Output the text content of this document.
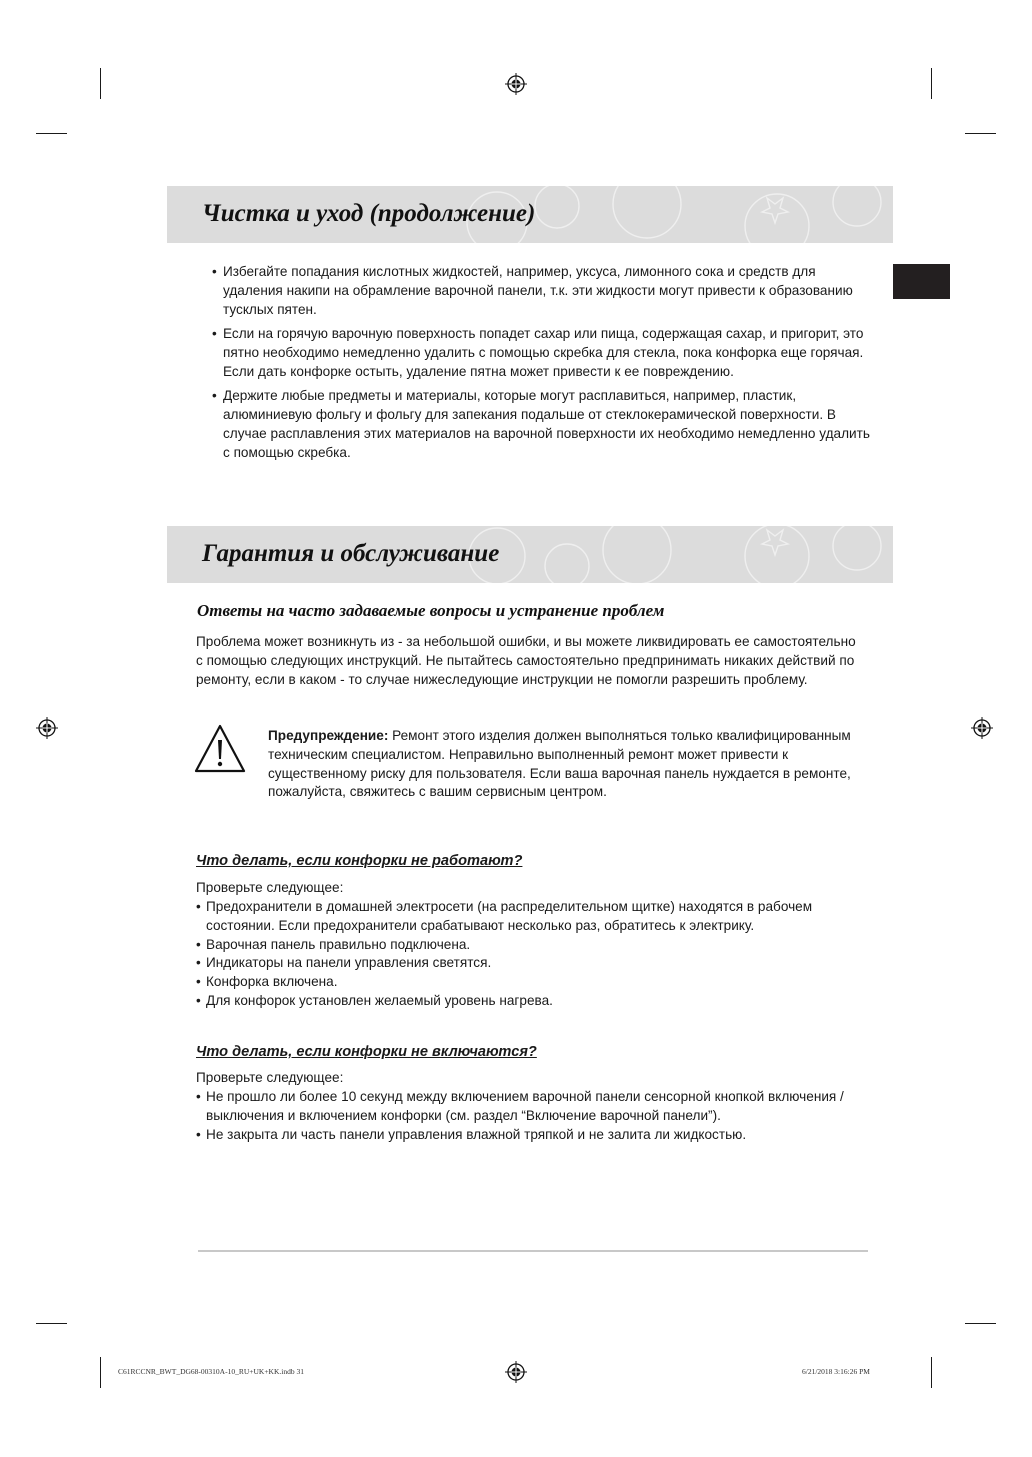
Чистка и уход (продолжение)
• Избегайте попадания кислотных жидкостей, например, уксуса, лимонного сока и средств для удаления накипи на обрамление варочной панели, т.к. эти жидкости могут привести к образованию тусклых пятен.
• Если на горячую варочную поверхность попадет сахар или пища, содержащая сахар, и пригорит, это пятно необходимо немедленно удалить с помощью скребка для стекла, пока конфорка еще горячая. Если дать конфорке остыть, удаление пятна может привести к ее повреждению.
• Держите любые предметы и материалы, которые могут расплавиться, например, пластик, алюминиевую фольгу и фольгу для запекания подальше от стеклокерамической поверхности. В случае расплавления этих материалов на варочной поверхности их необходимо немедленно удалить с помощью скребка.
Гарантия и обслуживание
Ответы на часто задаваемые вопросы и устранение проблем

Проблема может возникнуть из - за небольшой ошибки, и вы можете ликвидировать ее самостоятельно с помощью следующих инструкций. Не пытайтесь самостоятельно предпринимать никаких действий по ремонту, если в каком - то случае нижеследующие инструкции не помогли разрешить проблему.

Предупреждение: Ремонт этого изделия должен выполняться только квалифицированным техническим специалистом. Неправильно выполненный ремонт может привести к существенному риску для пользователя. Если ваша варочная панель нуждается в ремонте, пожалуйста, свяжитесь с вашим сервисным центром.

Что делать, если конфорки не работают?

Проверьте следующее:

• Предохранители в домашней электросети (на распределительном щитке) находятся в рабочем состоянии. Если предохранители срабатывают несколько раз, обратитесь к электрику.
• Варочная панель правильно подключена.
• Индикаторы на панели управления светятся.
• Конфорка включена.
• Для конфорок установлен желаемый уровень нагрева.
Что делать, если конфорки не включаются?

Проверьте следующее:

• Не прошло ли более 10 секунд между включением варочной панели сенсорной кнопкой включения / выключения и включением конфорки (см. раздел “Включение варочной панели”).
• Не закрыта ли часть панели управления влажной тряпкой и не залита ли жидкостью.
C61RCCNR_BWT_DG68-00310A-10_RU+UK+KK.indb 31	6/21/2018 3:16:26 PM
